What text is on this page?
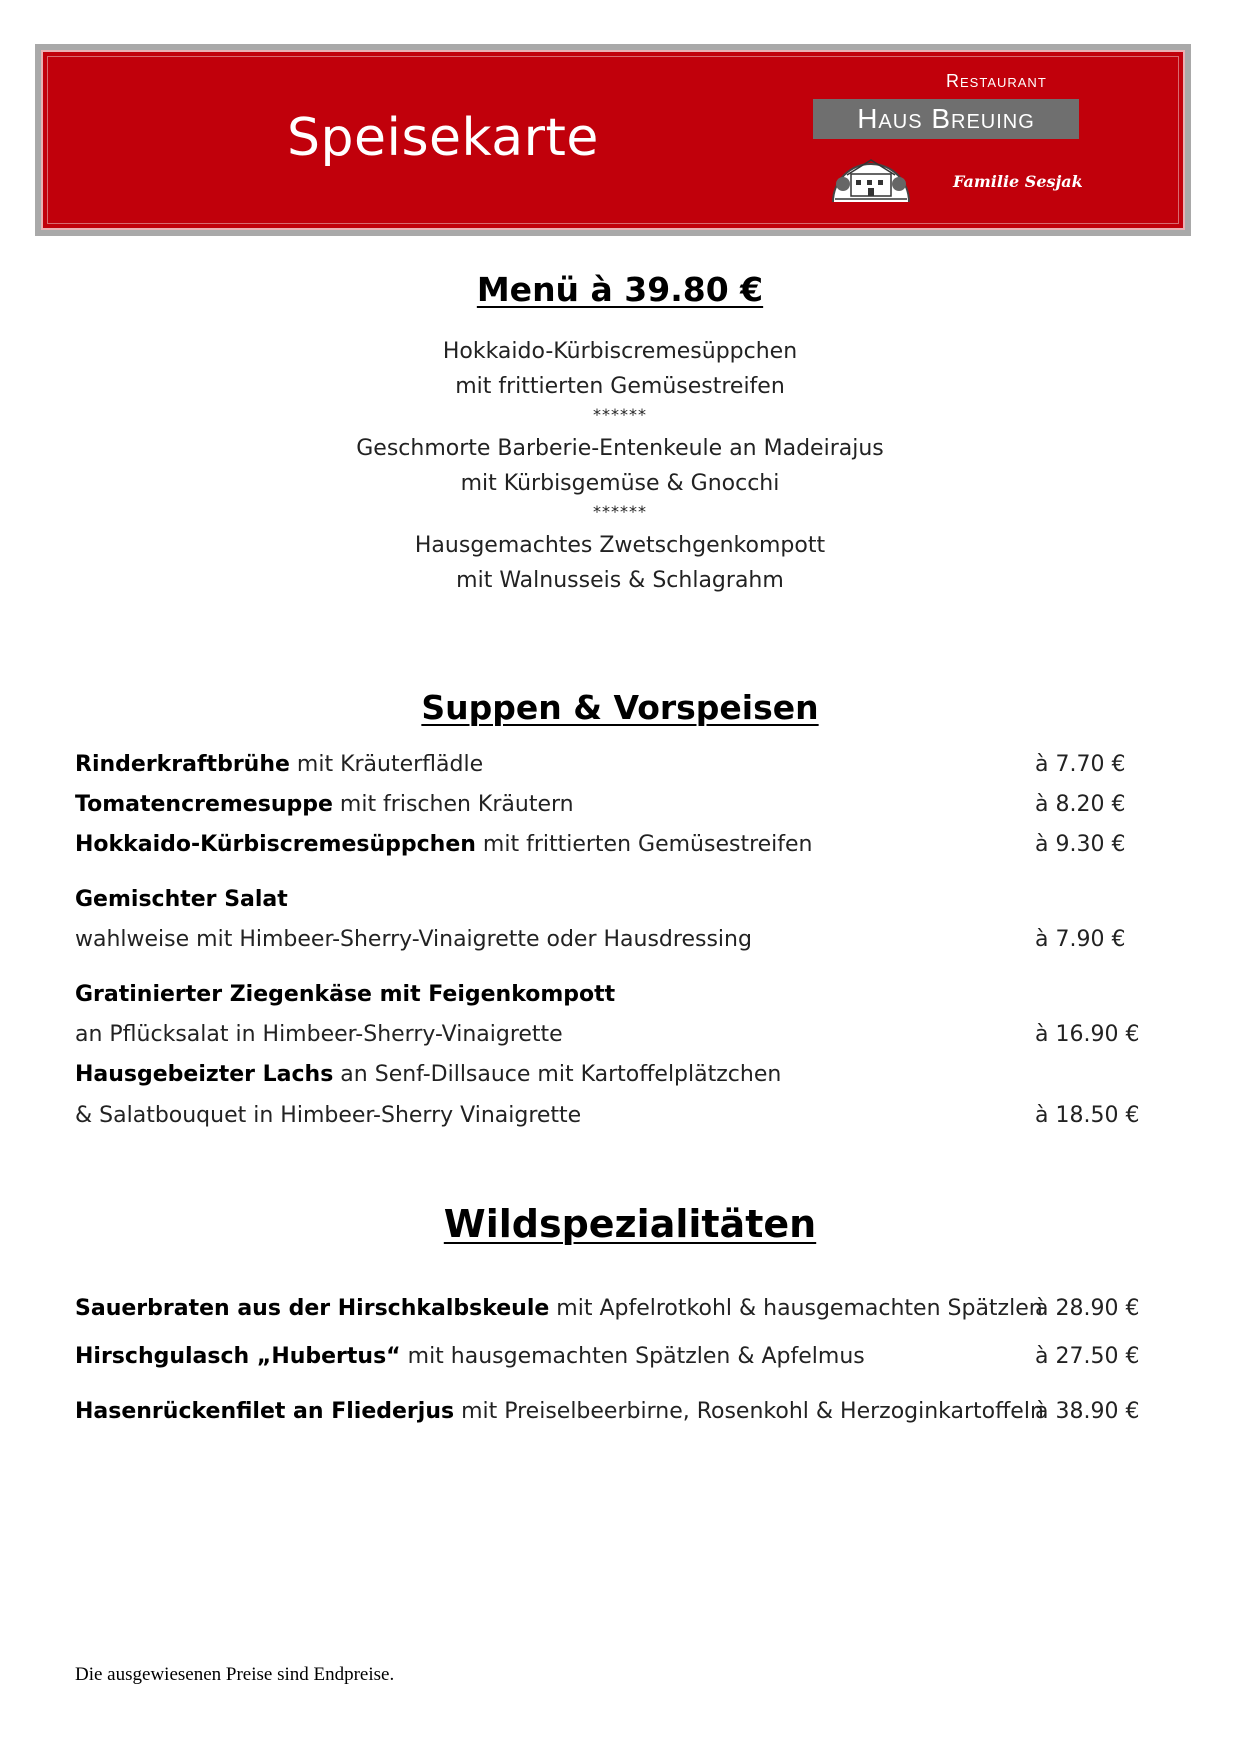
Speisekarte
Restaurant
Haus Breuing
Familie Sesjak
Menü à 39.80 €
Hokkaido-Kürbiscremesüppchen
mit frittierten Gemüsestreifen
******
Geschmorte Barberie-Entenkeule an Madeirajus
mit Kürbisgemüse & Gnocchi
******
Hausgemachtes Zwetschgenkompott
mit Walnusseis & Schlagrahm
Suppen & Vorspeisen
Rinderkraftbrühe mit Kräuterflädle	à 7.70 €
Tomatencremesuppe mit frischen Kräutern	à 8.20 €
Hokkaido-Kürbiscremesüppchen mit frittierten Gemüsestreifen	à 9.30 €
Gemischter Salat
wahlweise mit Himbeer-Sherry-Vinaigrette oder Hausdressing	à 7.90 €
Gratinierter Ziegenkäse mit Feigenkompott
an Pflücksalat in Himbeer-Sherry-Vinaigrette	à 16.90 €
Hausgebeizter Lachs an Senf-Dillsauce mit Kartoffelplätzchen
& Salatbouquet in Himbeer-Sherry Vinaigrette	à 18.50 €
Wildspezialitäten
Sauerbraten aus der Hirschkalbskeule mit Apfelrotkohl & hausgemachten Spätzlen
à 28.90 €
Hirschgulasch „Hubertus“ mit hausgemachten Spätzlen & Apfelmus	à 27.50 €
Hasenrückenfilet an Fliederjus mit Preiselbeerbirne, Rosenkohl & Herzoginkartoffeln
à 38.90 €
Die ausgewiesenen Preise sind Endpreise.
